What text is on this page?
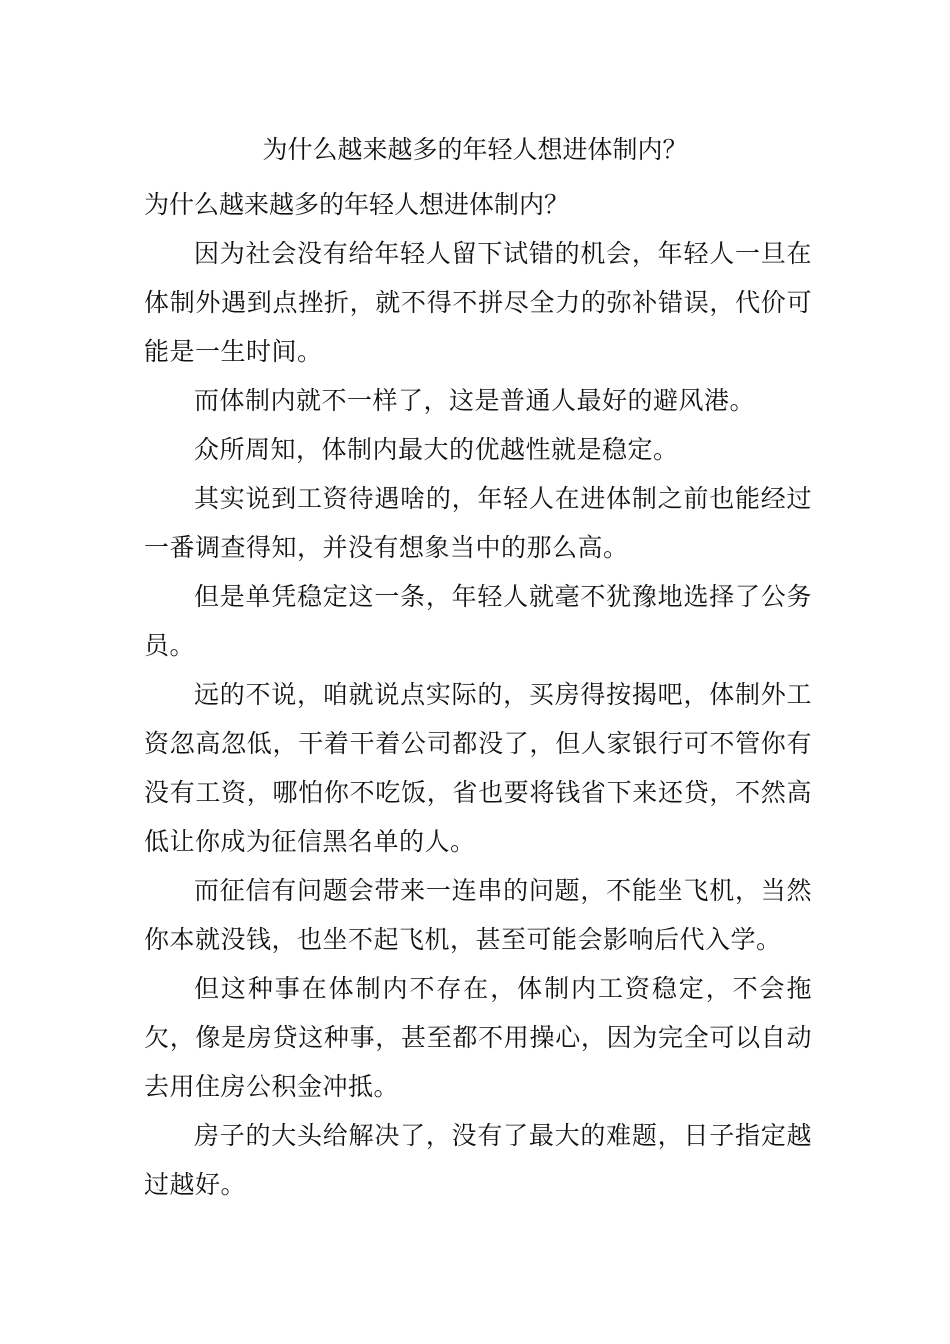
为什么越来越多的年轻人想进体制内？

为什么越来越多的年轻人想进体制内？

因为社会没有给年轻人留下试错的机会，年轻人一旦在体制外遇到点挫折，就不得不拼尽全力的弥补错误，代价可能是一生时间。

而体制内就不一样了，这是普通人最好的避风港。

众所周知，体制内最大的优越性就是稳定。

其实说到工资待遇啥的，年轻人在进体制之前也能经过一番调查得知，并没有想象当中的那么高。

但是单凭稳定这一条，年轻人就毫不犹豫地选择了公务员。

远的不说，咱就说点实际的，买房得按揭吧，体制外工资忽高忽低，干着干着公司都没了，但人家银行可不管你有没有工资，哪怕你不吃饭，省也要将钱省下来还贷，不然高低让你成为征信黑名单的人。

而征信有问题会带来一连串的问题，不能坐飞机，当然你本就没钱，也坐不起飞机，甚至可能会影响后代入学。

但这种事在体制内不存在，体制内工资稳定，不会拖欠，像是房贷这种事，甚至都不用操心，因为完全可以自动去用住房公积金冲抵。

房子的大头给解决了，没有了最大的难题，日子指定越过越好。
